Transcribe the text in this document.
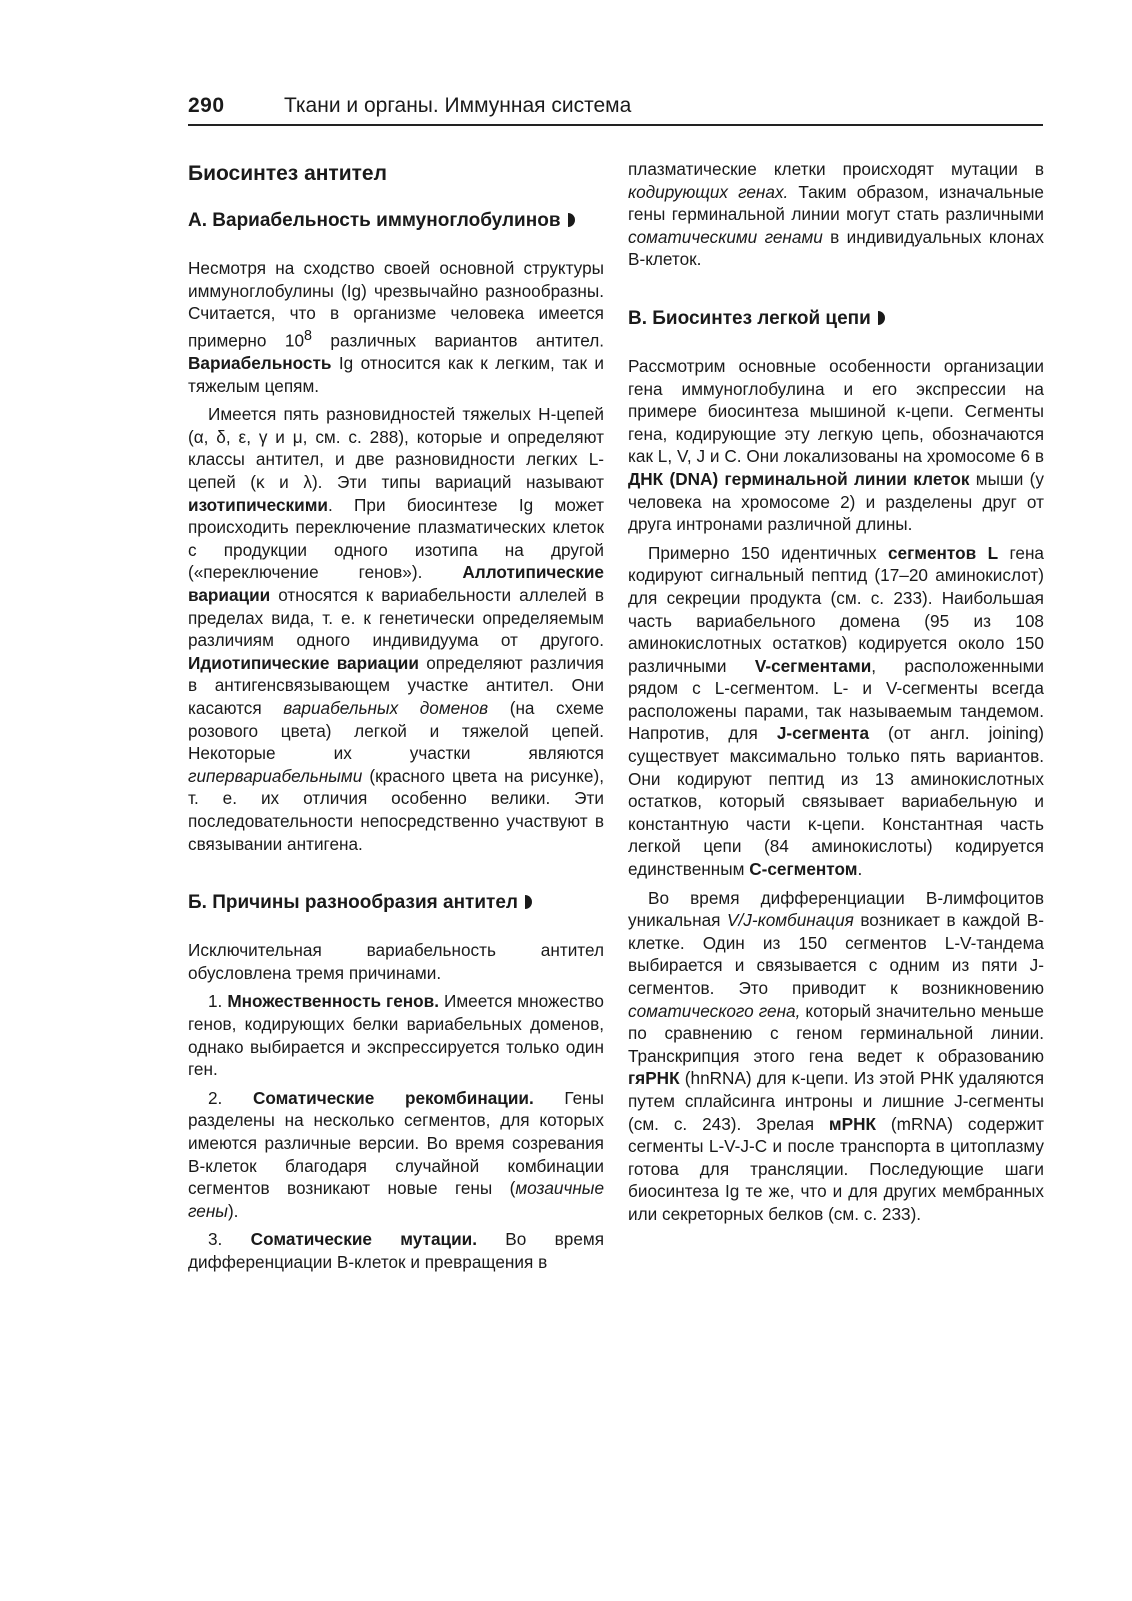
290	Ткани и органы. Иммунная система
Биосинтез антител
А. Вариабельность иммуноглобулинов

Несмотря на сходство своей основной структуры иммуноглобулины (Ig) чрезвычайно разнообразны. Считается, что в организме человека имеется примерно $10^8$ различных вариантов антител. Вариабельность Ig относится как к легким, так и тяжелым цепям.

Имеется пять разновидностей тяжелых Н-цепей (α, δ, ε, γ и μ, см. с. 288), которые и определяют классы антител, и две разновидности легких L-цепей (κ и λ). Эти типы вариаций называют изотипическими. При биосинтезе Ig может происходить переключение плазматических клеток с продукции одного изотипа на другой («переключение генов»). Аллотипические вариации относятся к вариабельности аллелей в пределах вида, т. е. к генетически определяемым различиям одного индивидуума от другого. Идиотипические вариации определяют различия в антигенсвязывающем участке антител. Они касаются вариабельных доменов (на схеме розового цвета) легкой и тяжелой цепей. Некоторые их участки являются гипервариабельными (красного цвета на рисунке), т. е. их отличия особенно велики. Эти последовательности непосредственно участвуют в связывании антигена.

Б. Причины разнообразия антител

Исключительная вариабельность антител обусловлена тремя причинами.

1. Множественность генов. Имеется множество генов, кодирующих белки вариабельных доменов, однако выбирается и экспрессируется только один ген.

2. Соматические рекомбинации. Гены разделены на несколько сегментов, для которых имеются различные версии. Во время созревания В-клеток благодаря случайной комбинации сегментов возникают новые гены (мозаичные гены).

3. Соматические мутации. Во время дифференциации В-клеток и превращения в

плазматические клетки происходят мутации в кодирующих генах. Таким образом, изначальные гены герминальной линии могут стать различными соматическими генами в индивидуальных клонах В-клеток.

В. Биосинтез легкой цепи

Рассмотрим основные особенности организации гена иммуноглобулина и его экспрессии на примере биосинтеза мышиной κ-цепи. Сегменты гена, кодирующие эту легкую цепь, обозначаются как L, V, J и С. Они локализованы на хромосоме 6 в ДНК (DNA) герминальной линии клеток мыши (у человека на хромосоме 2) и разделены друг от друга интронами различной длины.

Примерно 150 идентичных сегментов L гена кодируют сигнальный пептид (17–20 аминокислот) для секреции продукта (см. с. 233). Наибольшая часть вариабельного домена (95 из 108 аминокислотных остатков) кодируется около 150 различными V-сегментами, расположенными рядом с L-сегментом. L- и V-сегменты всегда расположены парами, так называемым тандемом. Напротив, для J-сегмента (от англ. joining) существует максимально только пять вариантов. Они кодируют пептид из 13 аминокислотных остатков, который связывает вариабельную и константную части κ-цепи. Константная часть легкой цепи (84 аминокислоты) кодируется единственным С-сегментом.

Во время дифференциации В-лимфоцитов уникальная V/J-комбинация возникает в каждой В-клетке. Один из 150 сегментов L-V-тандема выбирается и связывается с одним из пяти J-сегментов. Это приводит к возникновению соматического гена, который значительно меньше по сравнению с геном герминальной линии. Транскрипция этого гена ведет к образованию гяРНК (hnRNA) для κ-цепи. Из этой РНК удаляются путем сплайсинга интроны и лишние J-сегменты (см. с. 243). Зрелая мРНК (mRNA) содержит сегменты L-V-J-C и после транспорта в цитоплазму готова для трансляции. Последующие шаги биосинтеза Ig те же, что и для других мембранных или секреторных белков (см. с. 233).
